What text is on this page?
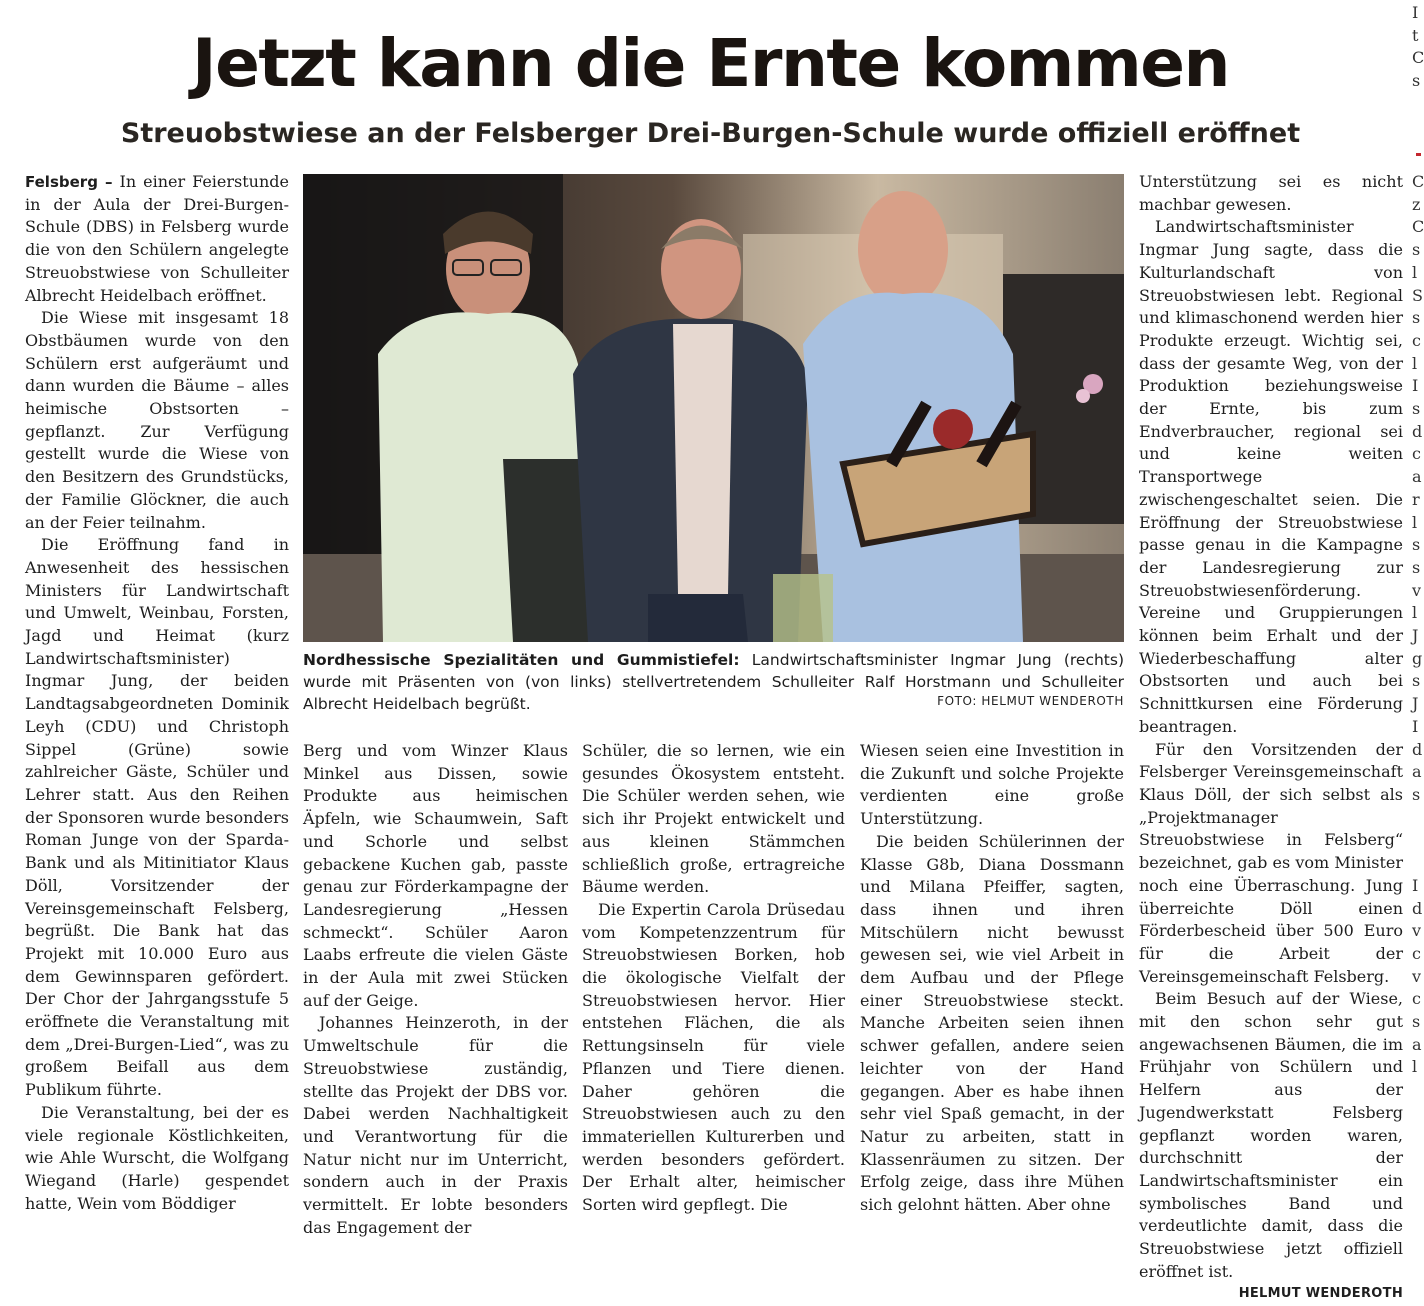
Jetzt kann die Ernte kommen
Streuobstwiese an der Felsberger Drei-Burgen-Schule wurde offiziell eröffnet

Felsberg – In einer Feierstunde in der Aula der Drei-Burgen-Schule (DBS) in Felsberg wurde die von den Schülern angelegte Streuobstwiese von Schulleiter Albrecht Heidelbach eröffnet.

Die Wiese mit insgesamt 18 Obstbäumen wurde von den Schülern erst aufgeräumt und dann wurden die Bäume – alles heimische Obstsorten – gepflanzt. Zur Verfügung gestellt wurde die Wiese von den Besitzern des Grundstücks, der Familie Glöckner, die auch an der Feier teilnahm.

Die Eröffnung fand in Anwesenheit des hessischen Ministers für Landwirtschaft und Umwelt, Weinbau, Forsten, Jagd und Heimat (kurz Landwirtschaftsminister) Ingmar Jung, der beiden Landtagsabgeordneten Dominik Leyh (CDU) und Christoph Sippel (Grüne) sowie zahlreicher Gäste, Schüler und Lehrer statt. Aus den Reihen der Sponsoren wurde besonders Roman Junge von der Sparda-Bank und als Mitinitiator Klaus Döll, Vorsitzender der Vereinsgemeinschaft Felsberg, begrüßt. Die Bank hat das Projekt mit 10.000 Euro aus dem Gewinnsparen gefördert. Der Chor der Jahrgangsstufe 5 eröffnete die Veranstaltung mit dem „Drei-Burgen-Lied“, was zu großem Beifall aus dem Publikum führte.

Die Veranstaltung, bei der es viele regionale Köstlichkeiten, wie Ahle Wurscht, die Wolfgang Wiegand (Harle) gespendet hatte, Wein vom Böddiger

Nordhessische Spezialitäten und Gummistiefel: Landwirtschaftsminister Ingmar Jung (rechts) wurde mit Präsenten von (von links) stellvertretendem Schulleiter Ralf Horstmann und Schulleiter Albrecht Heidelbach begrüßt.	FOTO: HELMUT WENDEROTH

Berg und vom Winzer Klaus Minkel aus Dissen, sowie Produkte aus heimischen Äpfeln, wie Schaumwein, Saft und Schorle und selbst gebackene Kuchen gab, passte genau zur Förderkampagne der Landesregierung „Hessen schmeckt“. Schüler Aaron Laabs erfreute die vielen Gäste in der Aula mit zwei Stücken auf der Geige.

Johannes Heinzeroth, in der Umweltschule für die Streuobstwiese zuständig, stellte das Projekt der DBS vor. Dabei werden Nachhaltigkeit und Verantwortung für die Natur nicht nur im Unterricht, sondern auch in der Praxis vermittelt. Er lobte besonders das Engagement der

Schüler, die so lernen, wie ein gesundes Ökosystem entsteht. Die Schüler werden sehen, wie sich ihr Projekt entwickelt und aus kleinen Stämmchen schließlich große, ertragreiche Bäume werden.

Die Expertin Carola Drüsedau vom Kompetenzzentrum für Streuobstwiesen Borken, hob die ökologische Vielfalt der Streuobstwiesen hervor. Hier entstehen Flächen, die als Rettungsinseln für viele Pflanzen und Tiere dienen. Daher gehören die Streuobstwiesen auch zu den immateriellen Kulturerben und werden besonders gefördert. Der Erhalt alter, heimischer Sorten wird gepflegt. Die

Wiesen seien eine Investition in die Zukunft und solche Projekte verdienten eine große Unterstützung.

Die beiden Schülerinnen der Klasse G8b, Diana Dossmann und Milana Pfeiffer, sagten, dass ihnen und ihren Mitschülern nicht bewusst gewesen sei, wie viel Arbeit in dem Aufbau und der Pflege einer Streuobstwiese steckt. Manche Arbeiten seien ihnen schwer gefallen, andere seien leichter von der Hand gegangen. Aber es habe ihnen sehr viel Spaß gemacht, in der Natur zu arbeiten, statt in Klassenräumen zu sitzen. Der Erfolg zeige, dass ihre Mühen sich gelohnt hätten. Aber ohne

Unterstützung sei es nicht machbar gewesen.

Landwirtschaftsminister Ingmar Jung sagte, dass die Kulturlandschaft von Streuobstwiesen lebt. Regional und klimaschonend werden hier Produkte erzeugt. Wichtig sei, dass der gesamte Weg, von der Produktion beziehungsweise der Ernte, bis zum Endverbraucher, regional sei und keine weiten Transportwege zwischengeschaltet seien. Die Eröffnung der Streuobstwiese passe genau in die Kampagne der Landesregierung zur Streuobstwiesenförderung. Vereine und Gruppierungen können beim Erhalt und der Wiederbeschaffung alter Obstsorten und auch bei Schnittkursen eine Förderung beantragen.

Für den Vorsitzenden der Felsberger Vereinsgemeinschaft Klaus Döll, der sich selbst als „Projektmanager Streuobstwiese in Felsberg“ bezeichnet, gab es vom Minister noch eine Überraschung. Jung überreichte Döll einen Förderbescheid über 500 Euro für die Arbeit der Vereinsgemeinschaft Felsberg.

Beim Besuch auf der Wiese, mit den schon sehr gut angewachsenen Bäumen, die im Frühjahr von Schülern und Helfern aus der Jugendwerkstatt Felsberg gepflanzt worden waren, durchschnitt der Landwirtschaftsminister ein symbolisches Band und verdeutlichte damit, dass die Streuobstwiese jetzt offiziell eröffnet ist.

HELMUT WENDEROTH
I
t
C
s
C
z
C
s
l
S
s
c
l
I
s
d
c
a
r
l
s
s
v
l
J
g
s
J
I
d
a
s

I
d
v
c
v
c
s
a
l
